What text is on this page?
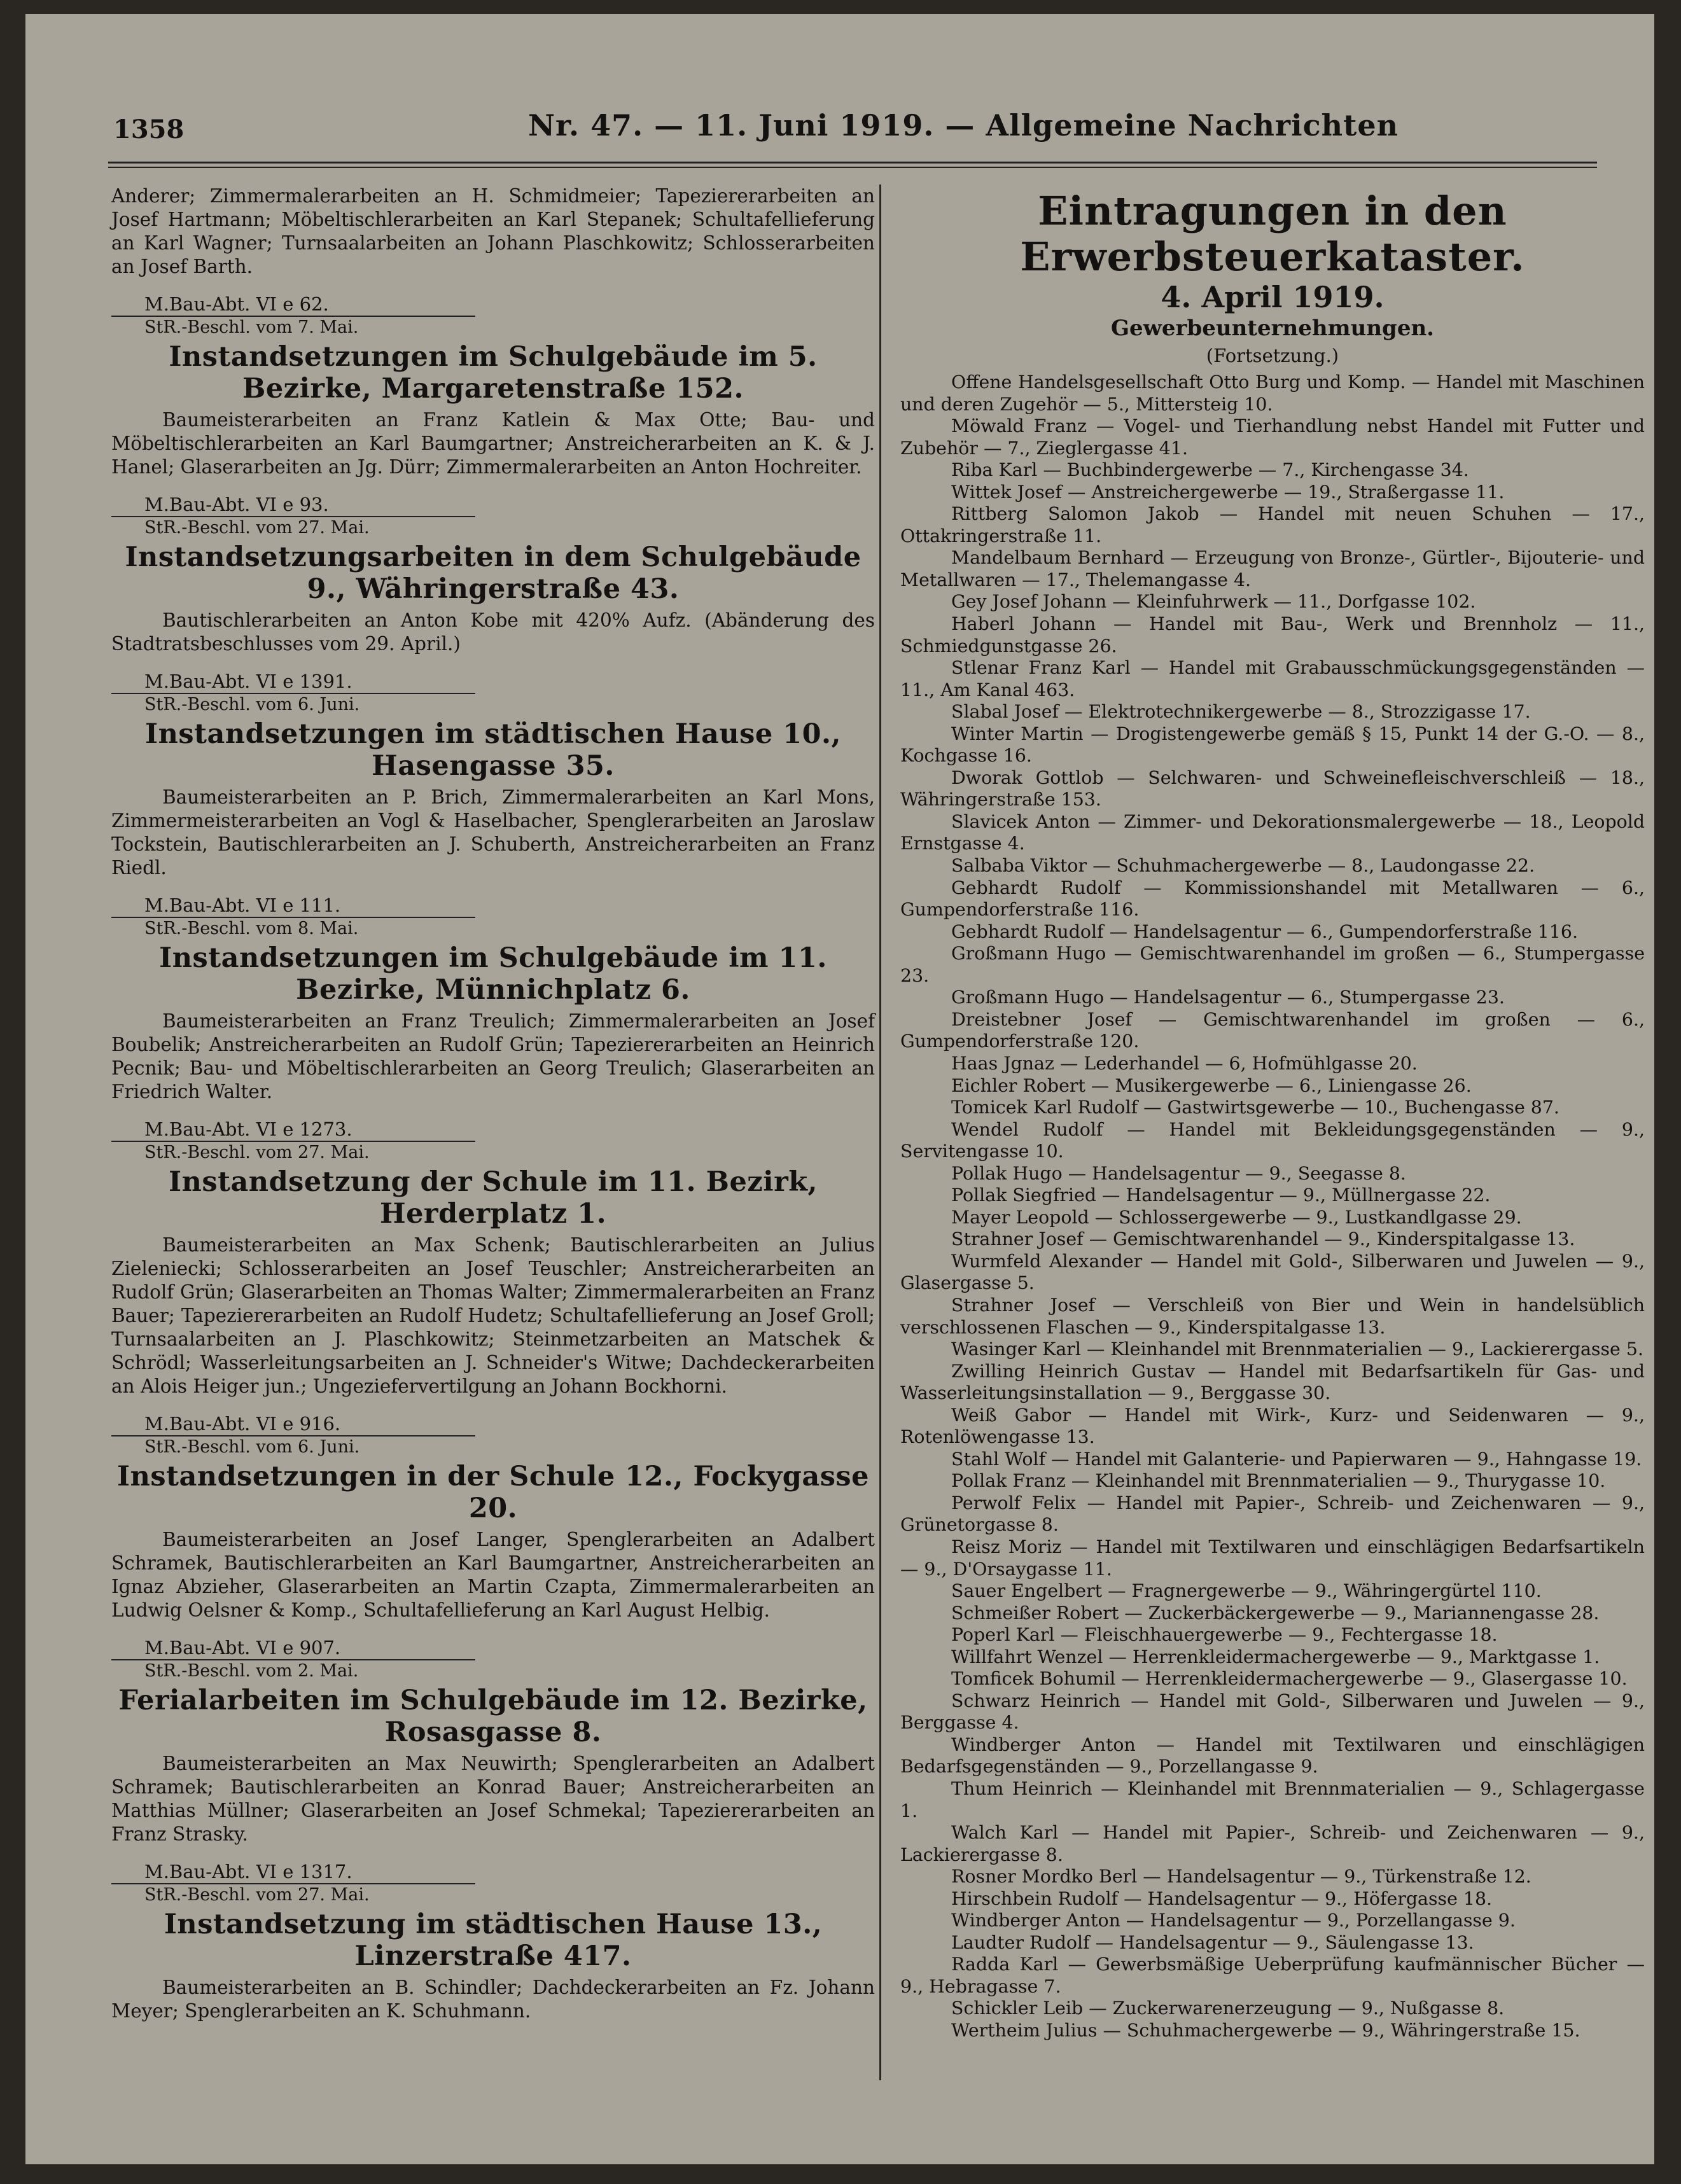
1358	Nr. 47. — 11. Juni 1919. — Allgemeine Nachrichten

Anderer; Zimmermalerarbeiten an H. Schmidmeier; Tapeziererarbeiten an Josef Hartmann; Möbeltischlerarbeiten an Karl Stepanek; Schultafellieferung an Karl Wagner; Turnsaalarbeiten an Johann Plaschkowitz; Schlosserarbeiten an Josef Barth.

M.Bau-Abt. VI e 62.

StR.-Beschl. vom 7. Mai.

Instandsetzungen im Schulgebäude im 5. Bezirke, Margaretenstraße 152.

Baumeisterarbeiten an Franz Katlein & Max Otte; Bau- und Möbeltischlerarbeiten an Karl Baumgartner; Anstreicherarbeiten an K. & J. Hanel; Glaserarbeiten an Jg. Dürr; Zimmermalerarbeiten an Anton Hochreiter.

M.Bau-Abt. VI e 93.

StR.-Beschl. vom 27. Mai.

Instandsetzungsarbeiten in dem Schulgebäude 9., Währingerstraße 43.

Bautischlerarbeiten an Anton Kobe mit 420% Aufz. (Abänderung des Stadtratsbeschlusses vom 29. April.)

M.Bau-Abt. VI e 1391.

StR.-Beschl. vom 6. Juni.

Instandsetzungen im städtischen Hause 10., Hasengasse 35.

Baumeisterarbeiten an P. Brich, Zimmermalerarbeiten an Karl Mons, Zimmermeisterarbeiten an Vogl & Haselbacher, Spenglerarbeiten an Jaroslaw Tockstein, Bautischlerarbeiten an J. Schuberth, Anstreicherarbeiten an Franz Riedl.

M.Bau-Abt. VI e 111.

StR.-Beschl. vom 8. Mai.

Instandsetzungen im Schulgebäude im 11. Bezirke, Münnichplatz 6.

Baumeisterarbeiten an Franz Treulich; Zimmermalerarbeiten an Josef Boubelik; Anstreicherarbeiten an Rudolf Grün; Tapeziererarbeiten an Heinrich Pecnik; Bau- und Möbeltischlerarbeiten an Georg Treulich; Glaserarbeiten an Friedrich Walter.

M.Bau-Abt. VI e 1273.

StR.-Beschl. vom 27. Mai.

Instandsetzung der Schule im 11. Bezirk, Herderplatz 1.

Baumeisterarbeiten an Max Schenk; Bautischlerarbeiten an Julius Zieleniecki; Schlosserarbeiten an Josef Teuschler; Anstreicherarbeiten an Rudolf Grün; Glaserarbeiten an Thomas Walter; Zimmermalerarbeiten an Franz Bauer; Tapeziererarbeiten an Rudolf Hudetz; Schultafellieferung an Josef Groll; Turnsaalarbeiten an J. Plaschkowitz; Steinmetzarbeiten an Matschek & Schrödl; Wasserleitungsarbeiten an J. Schneider's Witwe; Dachdeckerarbeiten an Alois Heiger jun.; Ungeziefervertilgung an Johann Bockhorni.

M.Bau-Abt. VI e 916.

StR.-Beschl. vom 6. Juni.

Instandsetzungen in der Schule 12., Fockygasse 20.

Baumeisterarbeiten an Josef Langer, Spenglerarbeiten an Adalbert Schramek, Bautischlerarbeiten an Karl Baumgartner, Anstreicherarbeiten an Ignaz Abzieher, Glaserarbeiten an Martin Czapta, Zimmermalerarbeiten an Ludwig Oelsner & Komp., Schultafellieferung an Karl August Helbig.

M.Bau-Abt. VI e 907.

StR.-Beschl. vom 2. Mai.

Ferialarbeiten im Schulgebäude im 12. Bezirke, Rosasgasse 8.

Baumeisterarbeiten an Max Neuwirth; Spenglerarbeiten an Adalbert Schramek; Bautischlerarbeiten an Konrad Bauer; Anstreicherarbeiten an Matthias Müllner; Glaserarbeiten an Josef Schmekal; Tapeziererarbeiten an Franz Strasky.

M.Bau-Abt. VI e 1317.

StR.-Beschl. vom 27. Mai.

Instandsetzung im städtischen Hause 13., Linzerstraße 417.

Baumeisterarbeiten an B. Schindler; Dachdeckerarbeiten an Fz. Johann Meyer; Spenglerarbeiten an K. Schuhmann.

Eintragungen in den Erwerbsteuerkataster.
4. April 1919.
Gewerbeunternehmungen.
(Fortsetzung.)

Offene Handelsgesellschaft Otto Burg und Komp. — Handel mit Maschinen und deren Zugehör — 5., Mittersteig 10.

Möwald Franz — Vogel- und Tierhandlung nebst Handel mit Futter und Zubehör — 7., Zieglergasse 41.

Riba Karl — Buchbindergewerbe — 7., Kirchengasse 34.

Wittek Josef — Anstreichergewerbe — 19., Straßergasse 11.

Rittberg Salomon Jakob — Handel mit neuen Schuhen — 17., Ottakringerstraße 11.

Mandelbaum Bernhard — Erzeugung von Bronze-, Gürtler-, Bijouterie- und Metallwaren — 17., Thelemangasse 4.

Gey Josef Johann — Kleinfuhrwerk — 11., Dorfgasse 102.

Haberl Johann — Handel mit Bau-, Werk und Brennholz — 11., Schmiedgunstgasse 26.

Stlenar Franz Karl — Handel mit Grabausschmückungsgegenständen — 11., Am Kanal 463.

Slabal Josef — Elektrotechnikergewerbe — 8., Strozzigasse 17.

Winter Martin — Drogistengewerbe gemäß § 15, Punkt 14 der G.-O. — 8., Kochgasse 16.

Dworak Gottlob — Selchwaren- und Schweinefleischverschleiß — 18., Währingerstraße 153.

Slavicek Anton — Zimmer- und Dekorationsmalergewerbe — 18., Leopold Ernstgasse 4.

Salbaba Viktor — Schuhmachergewerbe — 8., Laudongasse 22.

Gebhardt Rudolf — Kommissionshandel mit Metallwaren — 6., Gumpendorferstraße 116.

Gebhardt Rudolf — Handelsagentur — 6., Gumpendorferstraße 116.

Großmann Hugo — Gemischtwarenhandel im großen — 6., Stumpergasse 23.

Großmann Hugo — Handelsagentur — 6., Stumpergasse 23.

Dreistebner Josef — Gemischtwarenhandel im großen — 6., Gumpendorferstraße 120.

Haas Jgnaz — Lederhandel — 6, Hofmühlgasse 20.

Eichler Robert — Musikergewerbe — 6., Liniengasse 26.

Tomicek Karl Rudolf — Gastwirtsgewerbe — 10., Buchengasse 87.

Wendel Rudolf — Handel mit Bekleidungsgegenständen — 9., Servitengasse 10.

Pollak Hugo — Handelsagentur — 9., Seegasse 8.

Pollak Siegfried — Handelsagentur — 9., Müllnergasse 22.

Mayer Leopold — Schlossergewerbe — 9., Lustkandlgasse 29.

Strahner Josef — Gemischtwarenhandel — 9., Kinderspitalgasse 13.

Wurmfeld Alexander — Handel mit Gold-, Silberwaren und Juwelen — 9., Glasergasse 5.

Strahner Josef — Verschleiß von Bier und Wein in handelsüblich verschlossenen Flaschen — 9., Kinderspitalgasse 13.

Wasinger Karl — Kleinhandel mit Brennmaterialien — 9., Lackierergasse 5.

Zwilling Heinrich Gustav — Handel mit Bedarfsartikeln für Gas- und Wasserleitungsinstallation — 9., Berggasse 30.

Weiß Gabor — Handel mit Wirk-, Kurz- und Seidenwaren — 9., Rotenlöwengasse 13.

Stahl Wolf — Handel mit Galanterie- und Papierwaren — 9., Hahngasse 19.

Pollak Franz — Kleinhandel mit Brennmaterialien — 9., Thurygasse 10.

Perwolf Felix — Handel mit Papier-, Schreib- und Zeichenwaren — 9., Grünetorgasse 8.

Reisz Moriz — Handel mit Textilwaren und einschlägigen Bedarfsartikeln — 9., D'Orsaygasse 11.

Sauer Engelbert — Fragnergewerbe — 9., Währingergürtel 110.

Schmeißer Robert — Zuckerbäckergewerbe — 9., Mariannengasse 28.

Poperl Karl — Fleischhauergewerbe — 9., Fechtergasse 18.

Willfahrt Wenzel — Herrenkleidermachergewerbe — 9., Marktgasse 1.

Tomficek Bohumil — Herrenkleidermachergewerbe — 9., Glasergasse 10.

Schwarz Heinrich — Handel mit Gold-, Silberwaren und Juwelen — 9., Berggasse 4.

Windberger Anton — Handel mit Textilwaren und einschlägigen Bedarfsgegenständen — 9., Porzellangasse 9.

Thum Heinrich — Kleinhandel mit Brennmaterialien — 9., Schlagergasse 1.

Walch Karl — Handel mit Papier-, Schreib- und Zeichenwaren — 9., Lackierergasse 8.

Rosner Mordko Berl — Handelsagentur — 9., Türkenstraße 12.

Hirschbein Rudolf — Handelsagentur — 9., Höfergasse 18.

Windberger Anton — Handelsagentur — 9., Porzellangasse 9.

Laudter Rudolf — Handelsagentur — 9., Säulengasse 13.

Radda Karl — Gewerbsmäßige Ueberprüfung kaufmännischer Bücher — 9., Hebragasse 7.

Schickler Leib — Zuckerwarenerzeugung — 9., Nußgasse 8.

Wertheim Julius — Schuhmachergewerbe — 9., Währingerstraße 15.
